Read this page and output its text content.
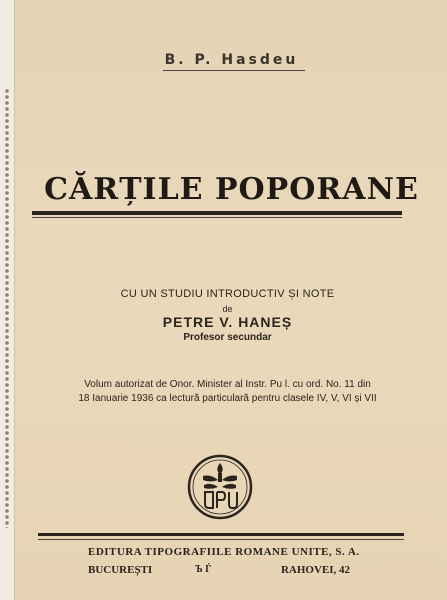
B. P. Hasdeu
CĂRȚILE POPORANE
CU UN STUDIU INTRODUCTIV ȘI NOTE
de
PETRE V. HANEȘ
Profesor secundar
Volum autorizat de Onor. Minister al Instr. Pu l. cu ord. No. 11 din
18 Ianuarie 1936 ca lectură particulară pentru clasele IV, V, VI și VII
EDITURA TIPOGRAFIILE ROMANE UNITE, S. A.
BUCUREȘTI	Ъ Ѓ	RAHOVEI, 42
